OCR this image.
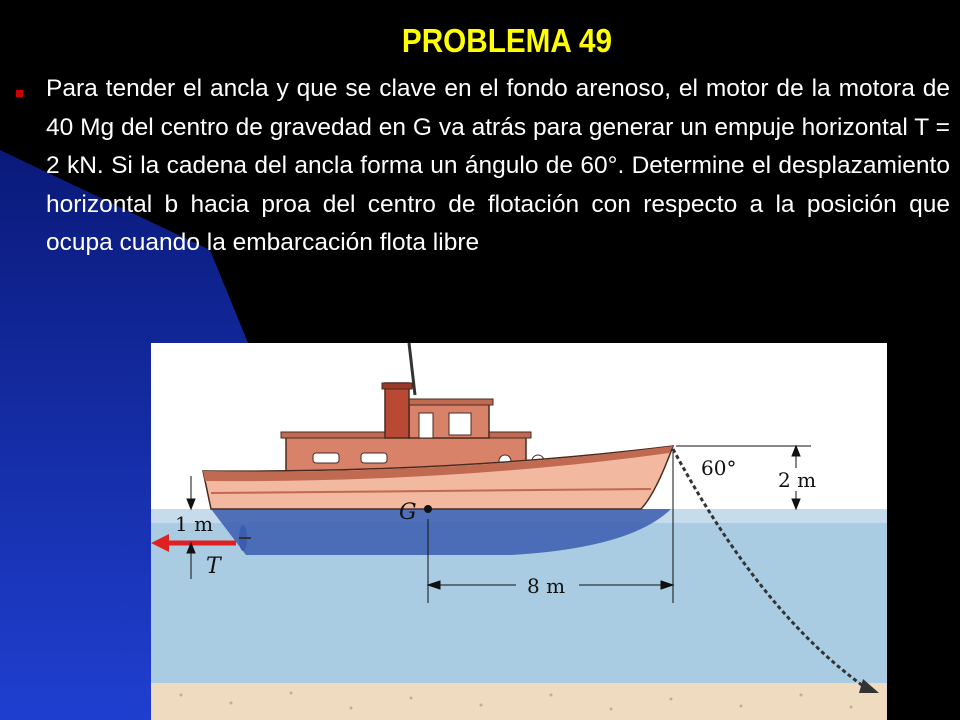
PROBLEMA 49

Para tender el ancla y que se clave en el fondo arenoso, el motor de la motora de 40 Mg del centro de gravedad en G va atrás para generar un empuje horizontal T = 2 kN. Si la cadena del ancla forma un ángulo de 60°. Determine el desplazamiento horizontal b hacia proa del centro de flotación con respecto a la posición que ocupa cuando la embarcación flota libre

T
1 m	G
8 m
2 m
60°
